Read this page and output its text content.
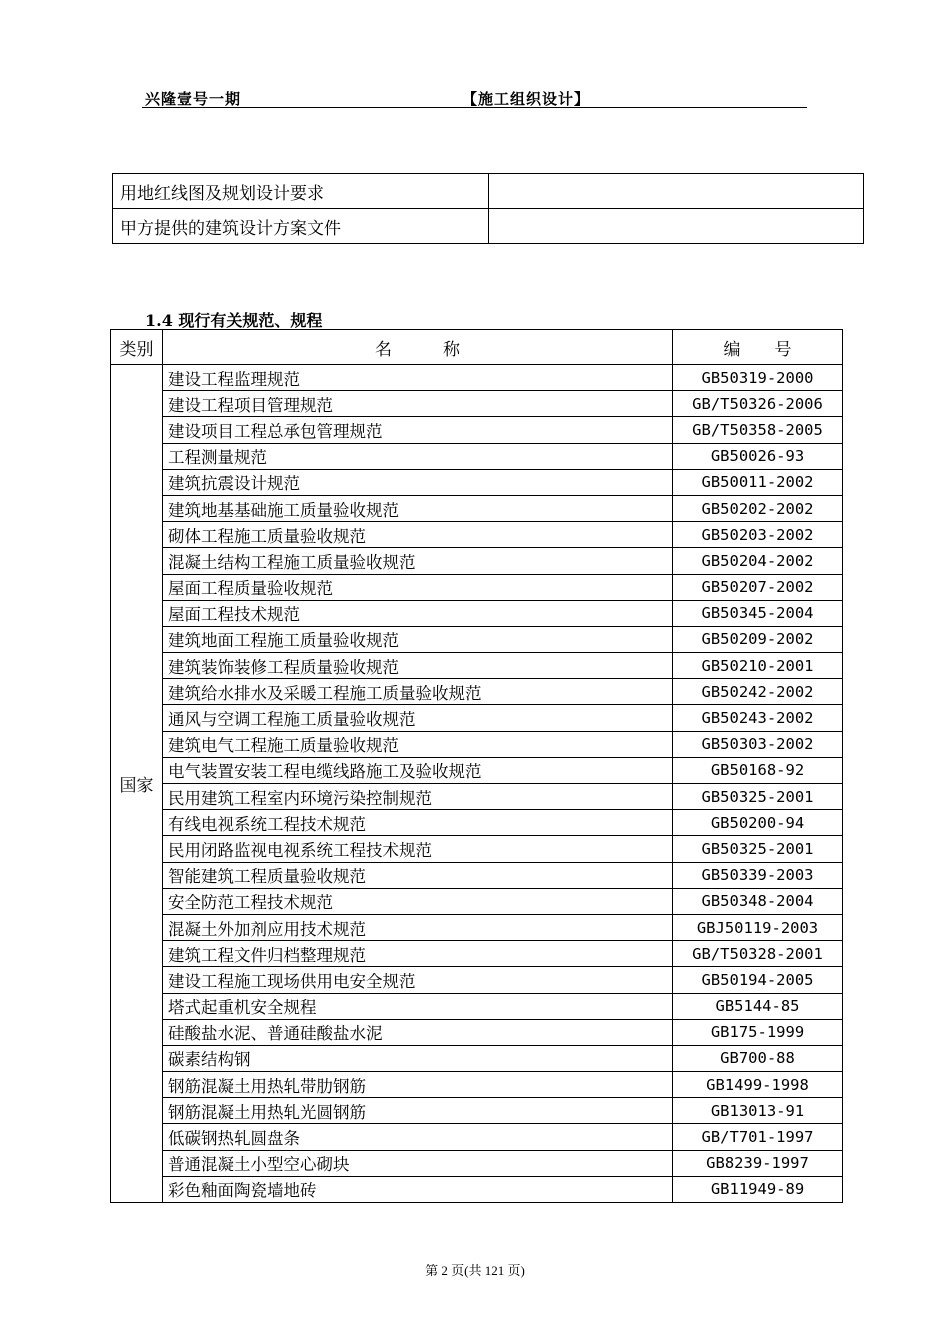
兴隆壹号一期	【施工组织设计】
用地红线图及规划设计要求	
甲方提供的建筑设计方案文件	
1.4 现行有关规范、规程
类别	名　　　称	编　　号
国家	建设工程监理规范	GB50319-2000
	建设工程项目管理规范	GB/T50326-2006
	建设项目工程总承包管理规范	GB/T50358-2005
	工程测量规范	GB50026-93
	建筑抗震设计规范	GB50011-2002
	建筑地基基础施工质量验收规范	GB50202-2002
	砌体工程施工质量验收规范	GB50203-2002
	混凝土结构工程施工质量验收规范	GB50204-2002
	屋面工程质量验收规范	GB50207-2002
	屋面工程技术规范	GB50345-2004
	建筑地面工程施工质量验收规范	GB50209-2002
	建筑装饰装修工程质量验收规范	GB50210-2001
	建筑给水排水及采暖工程施工质量验收规范	GB50242-2002
	通风与空调工程施工质量验收规范	GB50243-2002
	建筑电气工程施工质量验收规范	GB50303-2002
	电气装置安装工程电缆线路施工及验收规范	GB50168-92
	民用建筑工程室内环境污染控制规范	GB50325-2001
	有线电视系统工程技术规范	GB50200-94
	民用闭路监视电视系统工程技术规范	GB50325-2001
	智能建筑工程质量验收规范	GB50339-2003
	安全防范工程技术规范	GB50348-2004
	混凝土外加剂应用技术规范	GBJ50119-2003
	建筑工程文件归档整理规范	GB/T50328-2001
	建设工程施工现场供用电安全规范	GB50194-2005
	塔式起重机安全规程	GB5144-85
	硅酸盐水泥、普通硅酸盐水泥	GB175-1999
	碳素结构钢	GB700-88
	钢筋混凝土用热轧带肋钢筋	GB1499-1998
	钢筋混凝土用热轧光圆钢筋	GB13013-91
	低碳钢热轧圆盘条	GB/T701-1997
	普通混凝土小型空心砌块	GB8239-1997
	彩色釉面陶瓷墙地砖	GB11949-89
第 2 页(共 121 页)
